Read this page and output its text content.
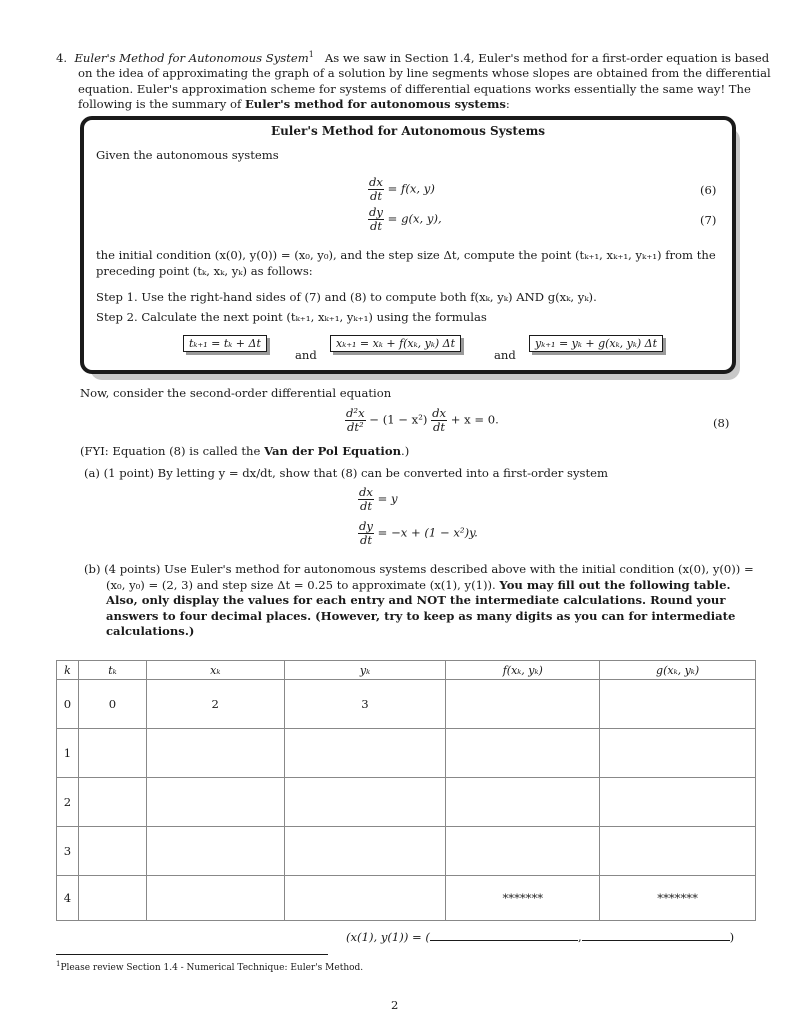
4. Euler's Method for Autonomous System$^1$ As we saw in Section 1.4, Euler's method for a first-order equation is based
on the idea of approximating the graph of a solution by line segments whose slopes are obtained from the differential
equation. Euler's approximation scheme for systems of differential equations works essentially the same way! The
following is the summary of Euler's method for autonomous systems:
Euler's Method for Autonomous Systems
Given the autonomous systems
$\frac{dx}{dt} = f(x$, y)	(6)
$\frac{dy}{dt} = g(x$, y),	(7)
the initial condition (x(0), y(0)) = (x₀, y₀), and the step size Δt, compute the point (tₖ₊₁, xₖ₊₁, yₖ₊₁) from the
preceding point (tₖ, xₖ, yₖ) as follows:
Step 1. Use the right-hand sides of (7) and (8) to compute both f(xₖ, yₖ) AND g(xₖ, yₖ).
Step 2. Calculate the next point (tₖ₊₁, xₖ₊₁, yₖ₊₁) using the formulas
tₖ₊₁ = tₖ + Δt
and
xₖ₊₁ = xₖ + f(xₖ, yₖ) Δt
and
yₖ₊₁ = yₖ + g(xₖ, yₖ) Δt
Now, consider the second-order differential equation
$\frac{\text{d²x}}{\text{dt²}} - (1 - x^2) \frac{dx}{dt} + x = 0$.	(8)
(FYI: Equation (8) is called the Van der Pol Equation.)
(a) (1 point) By letting y = dx/dt, show that (8) can be converted into a first-order system
$\frac{dx}{dt} = y$
$\frac{dy}{dt} = -x + (1 - x^2)y$.
(b) (4 points) Use Euler's method for autonomous systems described above with the initial condition (x(0), y(0)) =
(x₀, y₀) = (2, 3) and step size Δt = 0.25 to approximate (x(1), y(1)). You may fill out the following table.
Also, only display the values for each entry and NOT the intermediate calculations. Round your
answers to four decimal places. (However, try to keep as many digits as you can for intermediate
calculations.)
k	tₖ	xₖ	yₖ	f(xₖ, yₖ)	g(xₖ, yₖ)
0	0	2	3		
1					
2					
3					
4				*******	*******
(x(1), y(1)) = (	,	)
$^1$Please review Section 1.4 - Numerical Technique: Euler's Method.
2
